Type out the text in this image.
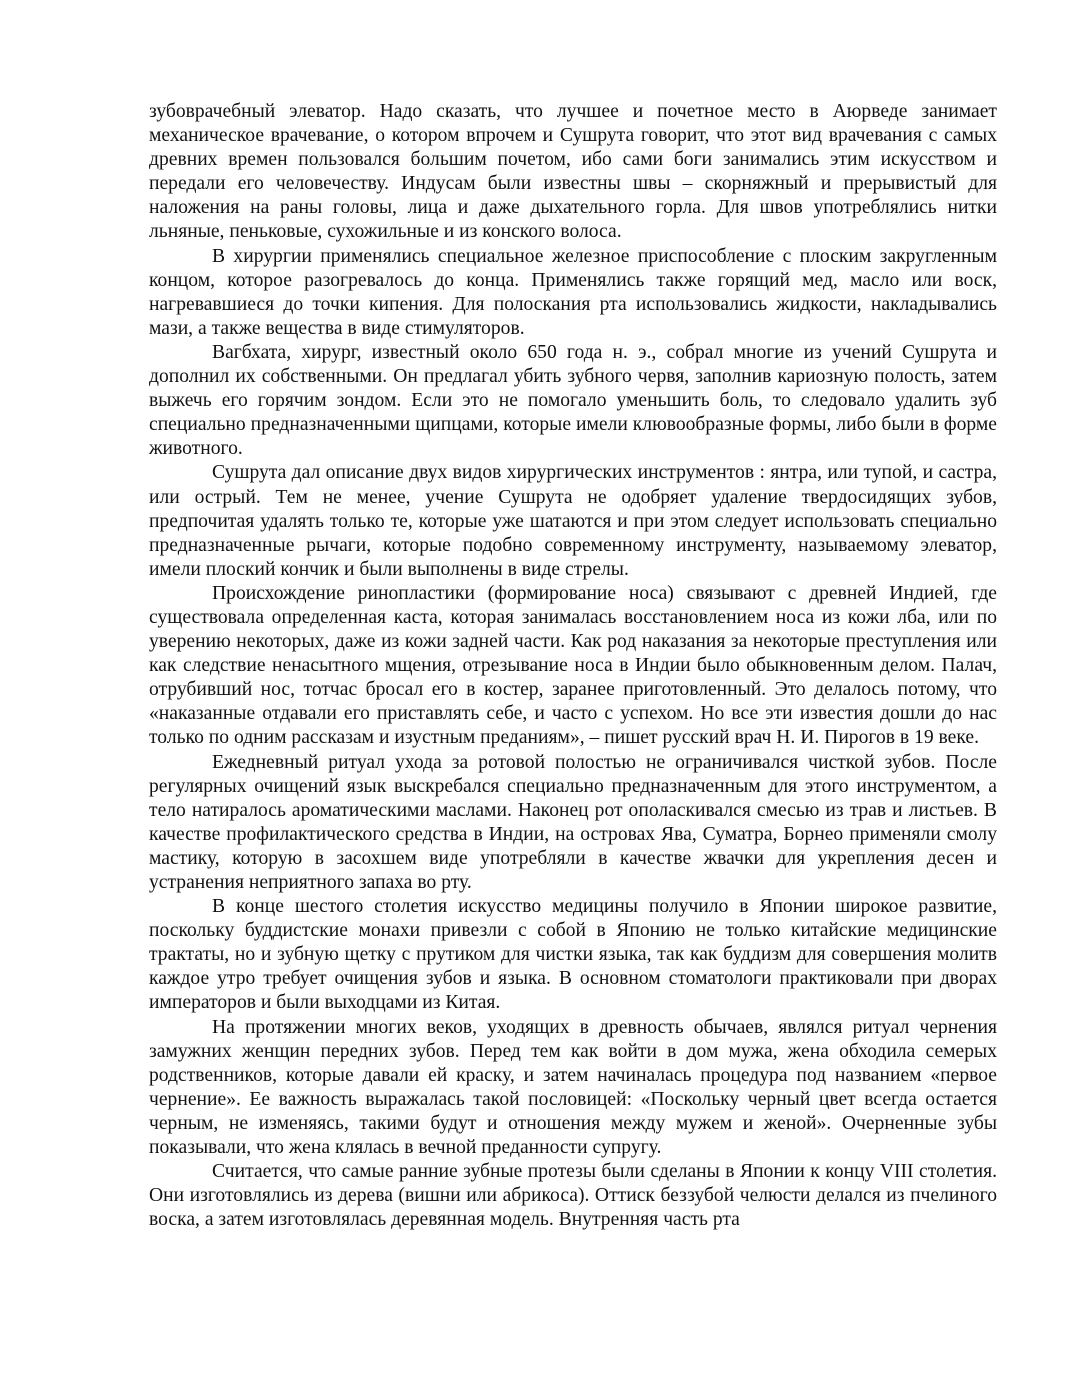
зубоврачебный элеватор. Надо сказать, что лучшее и почетное место в Аюрведе занимает механическое врачевание, о котором впрочем и Сушрута говорит, что этот вид врачевания с самых древних времен пользовался большим почетом, ибо сами боги занимались этим искусством и передали его человечеству. Индусам были известны швы – скорняжный и прерывистый для наложения на раны головы, лица и даже дыхательного горла. Для швов употреблялись нитки льняные, пеньковые, сухожильные и из конского волоса.

В хирургии применялись специальное железное приспособление с плоским закругленным концом, которое разогревалось до конца. Применялись также горящий мед, масло или воск, нагревавшиеся до точки кипения. Для полоскания рта использовались жидкости, накладывались мази, а также вещества в виде стимуляторов.

Вагбхата, хирург, известный около 650 года н. э., собрал многие из учений Сушрута и дополнил их собственными. Он предлагал убить зубного червя, заполнив кариозную полость, затем выжечь его горячим зондом. Если это не помогало уменьшить боль, то следовало удалить зуб специально предназначенными щипцами, которые имели клювообразные формы, либо были в форме животного.

Сушрута дал описание двух видов хирургических инструментов : янтра, или тупой, и састра, или острый. Тем не менее, учение Сушрута не одобряет удаление твердосидящих зубов, предпочитая удалять только те, которые уже шатаются и при этом следует использовать специально предназначенные рычаги, которые подобно современному инструменту, называемому элеватор, имели плоский кончик и были выполнены в виде стрелы.

Происхождение ринопластики (формирование носа) связывают с древней Индией, где существовала определенная каста, которая занималась восстановлением носа из кожи лба, или по уверению некоторых, даже из кожи задней части. Как род наказания за некоторые преступления или как следствие ненасытного мщения, отрезывание носа в Индии было обыкновенным делом. Палач, отрубивший нос, тотчас бросал его в костер, заранее приготовленный. Это делалось потому, что «наказанные отдавали его приставлять себе, и часто с успехом. Но все эти известия дошли до нас только по одним рассказам и изустным преданиям», – пишет русский врач Н. И. Пирогов в 19 веке.

Ежедневный ритуал ухода за ротовой полостью не ограничивался чисткой зубов. После регулярных очищений язык выскребался специально предназначенным для этого инструментом, а тело натиралось ароматическими маслами. Наконец рот ополаскивался смесью из трав и листьев. В качестве профилактического средства в Индии, на островах Ява, Суматра, Борнео применяли смолу мастику, которую в засохшем виде употребляли в качестве жвачки для укрепления десен и устранения неприятного запаха во рту.

В конце шестого столетия искусство медицины получило в Японии широкое развитие, поскольку буддистские монахи привезли с собой в Японию не только китайские медицинские трактаты, но и зубную щетку с прутиком для чистки языка, так как буддизм для совершения молитв каждое утро требует очищения зубов и языка. В основном стоматологи практиковали при дворах императоров и были выходцами из Китая.

На протяжении многих веков, уходящих в древность обычаев, являлся ритуал чернения замужних женщин передних зубов. Перед тем как войти в дом мужа, жена обходила семерых родственников, которые давали ей краску, и затем начиналась процедура под названием «первое чернение». Ее важность выражалась такой пословицей: «Поскольку черный цвет всегда остается черным, не изменяясь, такими будут и отношения между мужем и женой». Очерненные зубы показывали, что жена клялась в вечной преданности супругу.

Считается, что самые ранние зубные протезы были сделаны в Японии к концу VIII столетия. Они изготовлялись из дерева (вишни или абрикоса). Оттиск беззубой челюсти делался из пчелиного воска, а затем изготовлялась деревянная модель. Внутренняя часть рта
